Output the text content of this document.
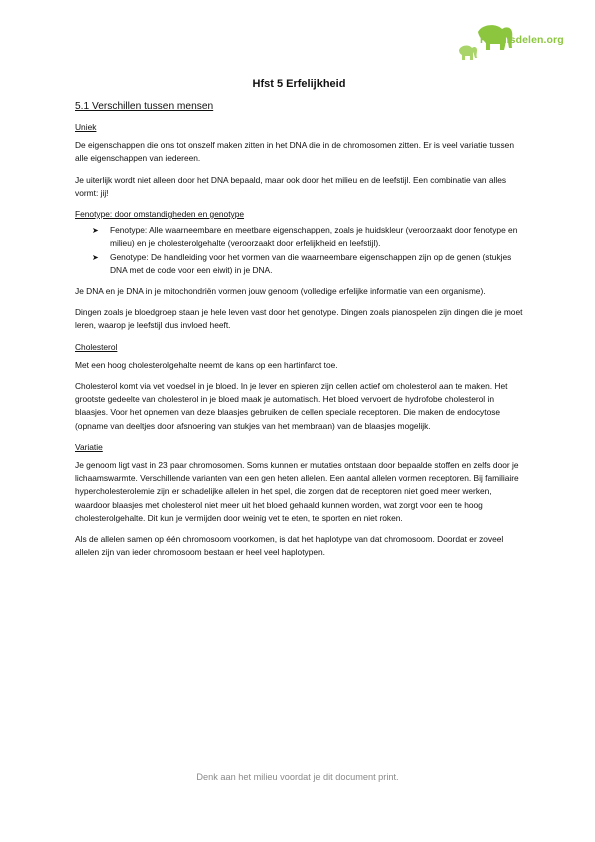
Kennisdelen.org
Hfst 5 Erfelijkheid
5.1 Verschillen tussen mensen
Uniek

De eigenschappen die ons tot onszelf maken zitten in het DNA die in de chromosomen zitten. Er is veel variatie tussen alle eigenschappen van iedereen.

Je uiterlijk wordt niet alleen door het DNA bepaald, maar ook door het milieu en de leefstijl. Een combinatie van alles vormt: jij!

Fenotype: door omstandigheden en genotype
➤ Fenotype: Alle waarneembare en meetbare eigenschappen, zoals je huidskleur (veroorzaakt door fenotype en milieu) en je cholesterolgehalte (veroorzaakt door erfelijkheid en leefstijl).
➤ Genotype: De handleiding voor het vormen van die waarneembare eigenschappen zijn op de genen (stukjes DNA met de code voor een eiwit) in je DNA.

Je DNA en je DNA in je mitochondriën vormen jouw genoom (volledige erfelijke informatie van een organisme).

Dingen zoals je bloedgroep staan je hele leven vast door het genotype. Dingen zoals pianospelen zijn dingen die je moet leren, waarop je leefstijl dus invloed heeft.

Cholesterol

Met een hoog cholesterolgehalte neemt de kans op een hartinfarct toe.

Cholesterol komt via vet voedsel in je bloed. In je lever en spieren zijn cellen actief om cholesterol aan te maken. Het grootste gedeelte van cholesterol in je bloed maak je automatisch. Het bloed vervoert de hydrofobe cholesterol in blaasjes. Voor het opnemen van deze blaasjes gebruiken de cellen speciale receptoren. Die maken de endocytose (opname van deeltjes door afsnoering van stukjes van het membraan) van de blaasjes mogelijk.

Variatie

Je genoom ligt vast in 23 paar chromosomen. Soms kunnen er mutaties ontstaan door bepaalde stoffen en zelfs door je lichaamswarmte. Verschillende varianten van een gen heten allelen. Een aantal allelen vormen receptoren. Bij familiaire hypercholesterolemie zijn er schadelijke allelen in het spel, die zorgen dat de receptoren niet goed meer werken, waardoor blaasjes met cholesterol niet meer uit het bloed gehaald kunnen worden, wat zorgt voor een te hoog cholesterolgehalte. Dit kun je vermijden door weinig vet te eten, te sporten en niet roken.

Als de allelen samen op één chromosoom voorkomen, is dat het haplotype van dat chromosoom. Doordat er zoveel allelen zijn van ieder chromosoom bestaan er heel veel haplotypen.

Denk aan het milieu voordat je dit document print.
